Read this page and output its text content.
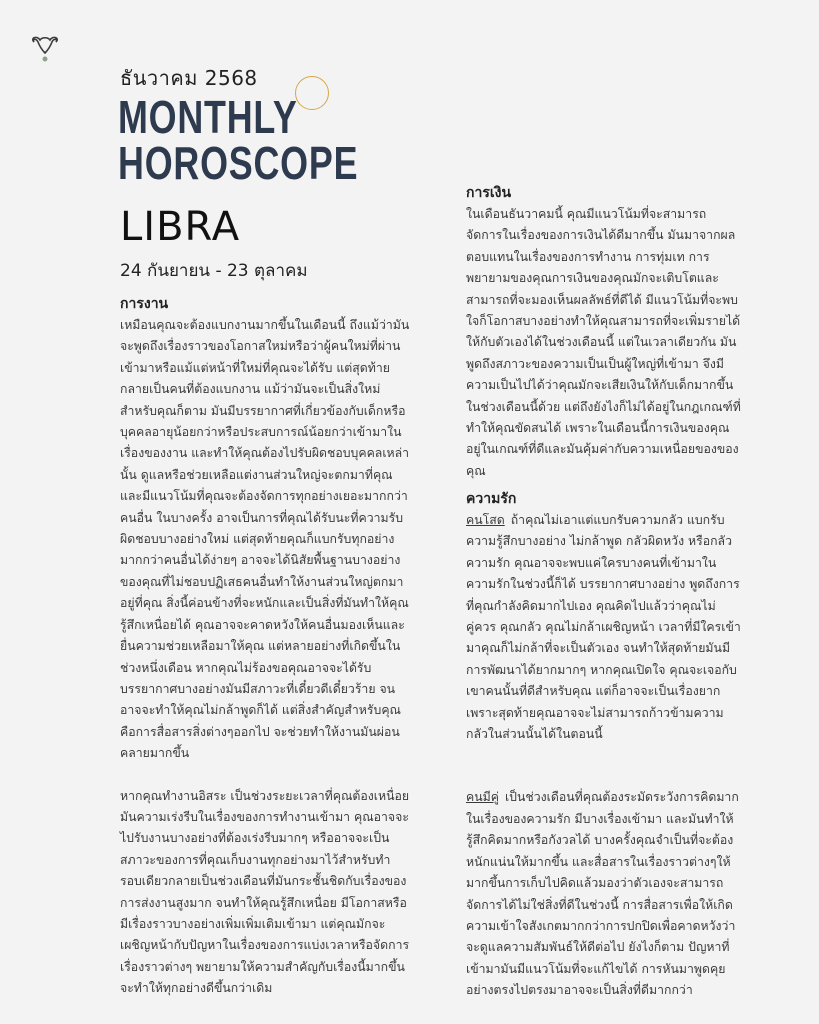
ธันวาคม 2568
MONTHLY
HOROSCOPE
LIBRA
24 กันยายน - 23 ตุลาคม
การงาน

เหมือนคุณจะต้องแบกงานมากขึ้นในเดือนนี้ ถึงแม้ว่ามันจะพูดถึงเรื่องราวของโอกาสใหม่หรือว่าผู้คนใหม่ที่ผ่านเข้ามาหรือแม้แต่หน้าที่ใหม่ที่คุณจะได้รับ แต่สุดท้ายกลายเป็นคนที่ต้องแบกงาน แม้ว่ามันจะเป็นสิ่งใหม่สำหรับคุณก็ตาม มันมีบรรยากาศที่เกี่ยวข้องกับเด็กหรือบุคคลอายุน้อยกว่าหรือประสบการณ์น้อยกว่าเข้ามาในเรื่องของงาน และทำให้คุณต้องไปรับผิดชอบบุคคลเหล่านั้น ดูแลหรือช่วยเหลือแต่งานส่วนใหญ่จะตกมาที่คุณ และมีแนวโน้มที่คุณจะต้องจัดการทุกอย่างเยอะมากกว่าคนอื่น ในบางครั้ง อาจเป็นการที่คุณได้รับนะที่ความรับผิดชอบบางอย่างใหม่ แต่สุดท้ายคุณก็แบกรับทุกอย่างมากกว่าคนอื่นได้ง่ายๆ อาจจะได้นิสัยพื้นฐานบางอย่างของคุณที่ไม่ชอบปฏิเสธคนอื่นทำให้งานส่วนใหญ่ตกมาอยู่ที่คุณ สิ่งนี้ค่อนข้างที่จะหนักและเป็นสิ่งที่มันทำให้คุณรู้สึกเหนื่อยได้ คุณอาจจะคาดหวังให้คนอื่นมองเห็นและ ยื่นความช่วยเหลือมาให้คุณ แต่หลายอย่างที่เกิดขึ้นในช่วงหนึ่งเดือน หากคุณไม่ร้องขอคุณอาจจะได้รับ บรรยากาศบางอย่างมันมีสภาวะที่เดี๋ยวดีเดี๋ยวร้าย จนอาจจะทำให้คุณไม่กล้าพูดก็ได้ แต่สิ่งสำคัญสำหรับคุณคือการสื่อสารสิ่งต่างๆออกไป จะช่วยทำให้งานมันผ่อนคลายมากขึ้น

หากคุณทำงานอิสระ เป็นช่วงระยะเวลาที่คุณต้องเหนื่อยมันความเร่งรีบในเรื่องของการทำงานเข้ามา คุณอาจจะไปรับงานบางอย่างที่ต้องเร่งรีบมากๆ หรืออาจจะเป็นสภาวะของการที่คุณเก็บงานทุกอย่างมาไว้สำหรับทำรอบเดียวกลายเป็นช่วงเดือนที่มันกระชั้นชิดกับเรื่องของการส่งงานสูงมาก จนทำให้คุณรู้สึกเหนื่อย มีโอกาสหรือมีเรื่องราวบางอย่างเพิ่มเพิ่มเติมเข้ามา แต่คุณมักจะเผชิญหน้ากับปัญหาในเรื่องของการแบ่งเวลาหรือจัดการเรื่องราวต่างๆ พยายามให้ความสำคัญกับเรื่องนี้มากขึ้น จะทำให้ทุกอย่างดีขึ้นกว่าเดิม

การเงิน

ในเดือนธันวาคมนี้ คุณมีแนวโน้มที่จะสามารถจัดการในเรื่องของการเงินได้ดีมากขึ้น มันมาจากผลตอบแทนในเรื่องของการทำงาน การทุ่มเท การพยายามของคุณการเงินของคุณมักจะเติบโตและสามารถที่จะมองเห็นผลลัพธ์ที่ดีได้ มีแนวโน้มที่จะพบใจก็โอกาสบางอย่างทำให้คุณสามารถที่จะเพิ่มรายได้ให้กับตัวเองได้ในช่วงเดือนนี้ แต่ในเวลาเดียวกัน มันพูดถึงสภาวะของความเป็นเป็นผู้ใหญ่ที่เข้ามา จึงมีความเป็นไปได้ว่าคุณมักจะเสียเงินให้กับเด็กมากขึ้นในช่วงเดือนนี้ด้วย แต่ถึงยังไงก็ไม่ได้อยู่ในกฎเกณฑ์ที่ทำให้คุณขัดสนได้ เพราะในเดือนนี้การเงินของคุณอยู่ในเกณฑ์ที่ดีและมันคุ้มค่ากับความเหนื่อยของของคุณ

ความรัก

คนโสด ถ้าคุณไม่เอาแต่แบกรับความกลัว แบกรับความรู้สึกบางอย่าง ไม่กล้าพูด กลัวผิดหวัง หรือกลัวความรัก คุณอาจจะพบแค่ใครบางคนที่เข้ามาในความรักในช่วงนี้ก็ได้ บรรยากาศบางอย่าง พูดถึงการที่คุณกำลังคิดมากไปเอง คุณคิดไปแล้วว่าคุณไม่คู่ควร คุณกลัว คุณไม่กล้าเผชิญหน้า เวลาที่มีใครเข้ามาคุณก็ไม่กล้าที่จะเป็นตัวเอง จนทำให้สุดท้ายมันมีการพัฒนาได้ยากมากๆ หากคุณเปิดใจ คุณจะเจอกับเขาคนนั้นที่ดีสำหรับคุณ แต่ก็อาจจะเป็นเรื่องยาก เพราะสุดท้ายคุณอาจจะไม่สามารถก้าวข้ามความกลัวในส่วนนั้นได้ในตอนนี้

คนมีคู่ เป็นช่วงเดือนที่คุณต้องระมัดระวังการคิดมากในเรื่องของความรัก มีบางเรื่องเข้ามา และมันทำให้รู้สึกคิดมากหรือกังวลได้ บางครั้งคุณจำเป็นที่จะต้องหนักแน่นให้มากขึ้น และสื่อสารในเรื่องราวต่างๆให้มากขึ้นการเก็บไปคิดแล้วมองว่าตัวเองจะสามารถจัดการได้ไม่ใช่สิ่งที่ดีในช่วงนี้ การสื่อสารเพื่อให้เกิดความเข้าใจสังเกตมากกว่าการปกปิดเพื่อคาดหวังว่าจะดูแลความสัมพันธ์ให้ดีต่อไป ยังไงก็ตาม ปัญหาที่เข้ามามันมีแนวโน้มที่จะแก้ไขได้ การหันมาพูดคุยอย่างตรงไปตรงมาอาจจะเป็นสิ่งที่ดีมากกว่า
